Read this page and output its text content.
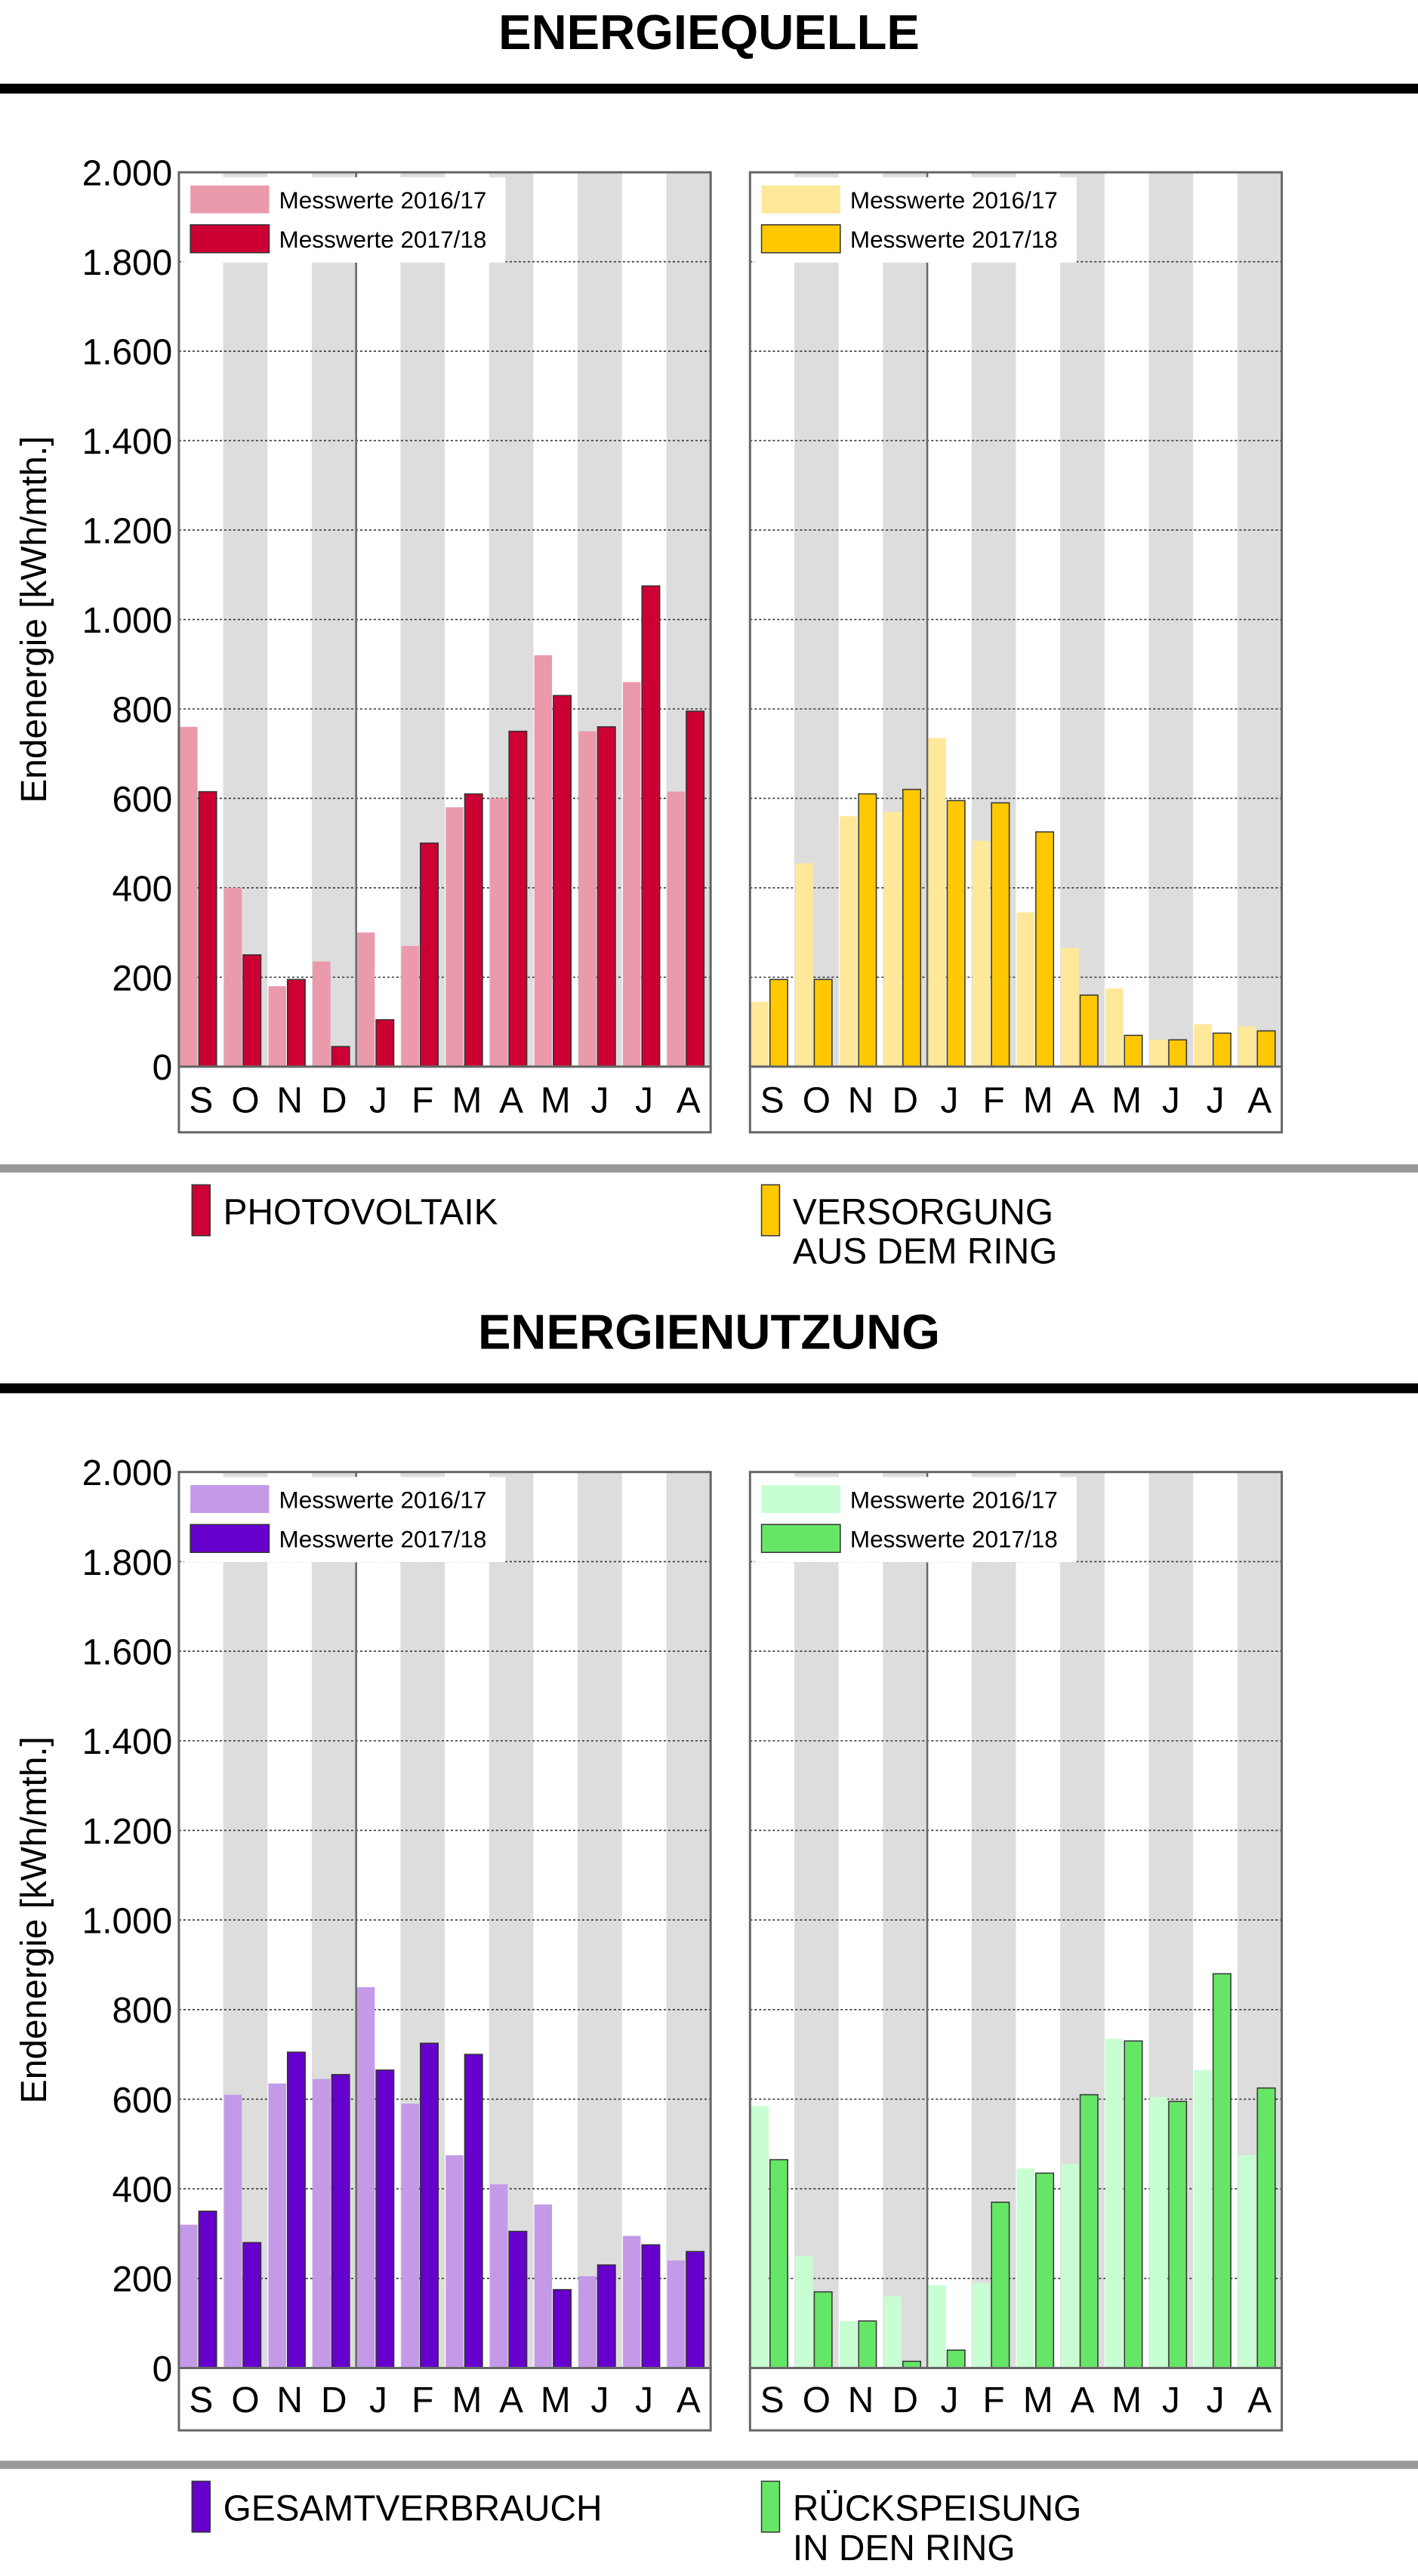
ENERGIEQUELLE
ENERGIENUTZUNG
S O N D J F M A M J J A
Messwerte 2016/17
Messwerte 2017/18
0
200
400
600
800
1.000
1.200
1.400
1.600
1.800
2.000
Endenergie [kWh/mth.]
S O N D J F M A M J J A
Messwerte 2016/17
Messwerte 2017/18
S O N D J F M A M J J A
Messwerte 2016/17
Messwerte 2017/18
0
200
400
600
800
1.000
1.200
1.400
1.600
1.800
2.000
Endenergie [kWh/mth.]
S O N D J F M A M J J A
Messwerte 2016/17
Messwerte 2017/18
PHOTOVOLTAIK	VERSORGUNG
AUS DEM RING
GESAMTVERBRAUCH	RÜCKSPEISUNG
IN DEN RING
